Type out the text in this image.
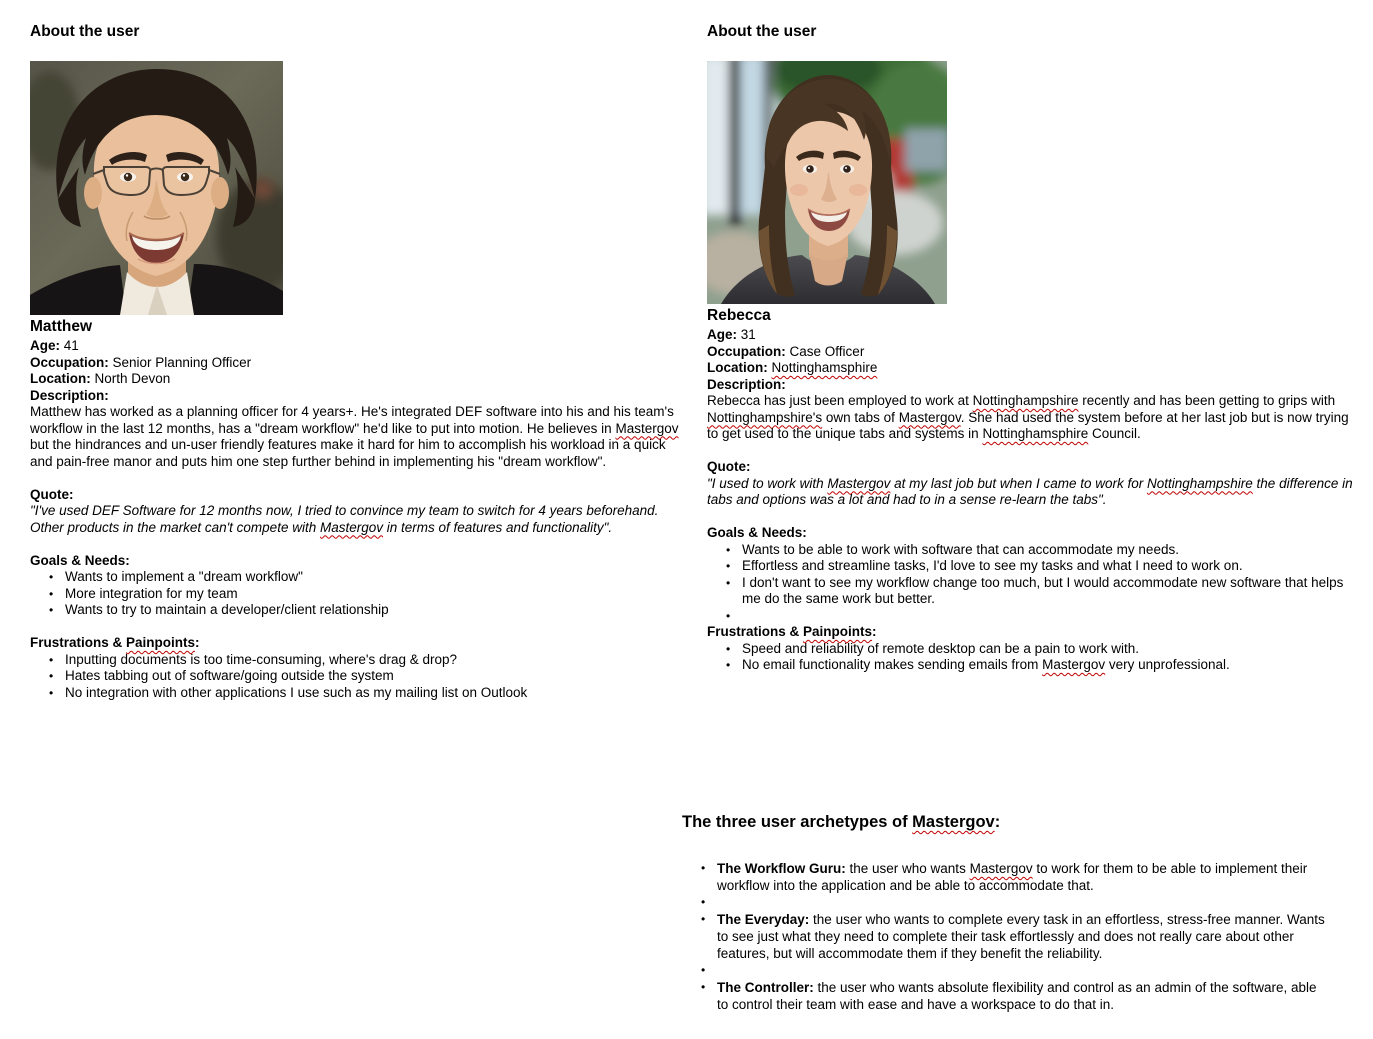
About the user
Matthew

Age: 41

Occupation: Senior Planning Officer

Location: North Devon

Description:

Matthew has worked as a planning officer for 4 years+. He's integrated DEF software into his and his team's workflow in the last 12 months, has a "dream workflow" he'd like to put into motion. He believes in Mastergov but the hindrances and un-user friendly features make it hard for him to accomplish his workload in a quick and pain-free manor and puts him one step further behind in implementing his "dream workflow".

Quote:

"I've used DEF Software for 12 months now, I tried to convince my team to switch for 4 years beforehand. Other products in the market can't compete with Mastergov in terms of features and functionality".

Goals & Needs:

• Wants to implement a "dream workflow"
• More integration for my team
• Wants to try to maintain a developer/client relationship

Frustrations & Painpoints:

• Inputting documents is too time-consuming, where's drag & drop?
• Hates tabbing out of software/going outside the system
• No integration with other applications I use such as my mailing list on Outlook
About the user
Rebecca

Age: 31

Occupation: Case Officer

Location: Nottinghamsphire

Description:

Rebecca has just been employed to work at Nottinghampshire recently and has been getting to grips with Nottinghampshire's own tabs of Mastergov. She had used the system before at her last job but is now trying to get used to the unique tabs and systems in Nottinghamsphire Council.

Quote:

"I used to work with Mastergov at my last job but when I came to work for Nottinghampshire the difference in tabs and options was a lot and had to in a sense re-learn the tabs".

Goals & Needs:

• Wants to be able to work with software that can accommodate my needs.
• Effortless and streamline tasks, I'd love to see my tasks and what I need to work on.
• I don't want to see my workflow change too much, but I would accommodate new software that helps me do the same work but better.
•

Frustrations & Painpoints:

• Speed and reliability of remote desktop can be a pain to work with.
• No email functionality makes sending emails from Mastergov very unprofessional.
The three user archetypes of Mastergov:
• The Workflow Guru: the user who wants Mastergov to work for them to be able to implement their workflow into the application and be able to accommodate that.
•
• The Everyday: the user who wants to complete every task in an effortless, stress-free manner. Wants to see just what they need to complete their task effortlessly and does not really care about other features, but will accommodate them if they benefit the reliability.
•
• The Controller: the user who wants absolute flexibility and control as an admin of the software, able to control their team with ease and have a workspace to do that in.
